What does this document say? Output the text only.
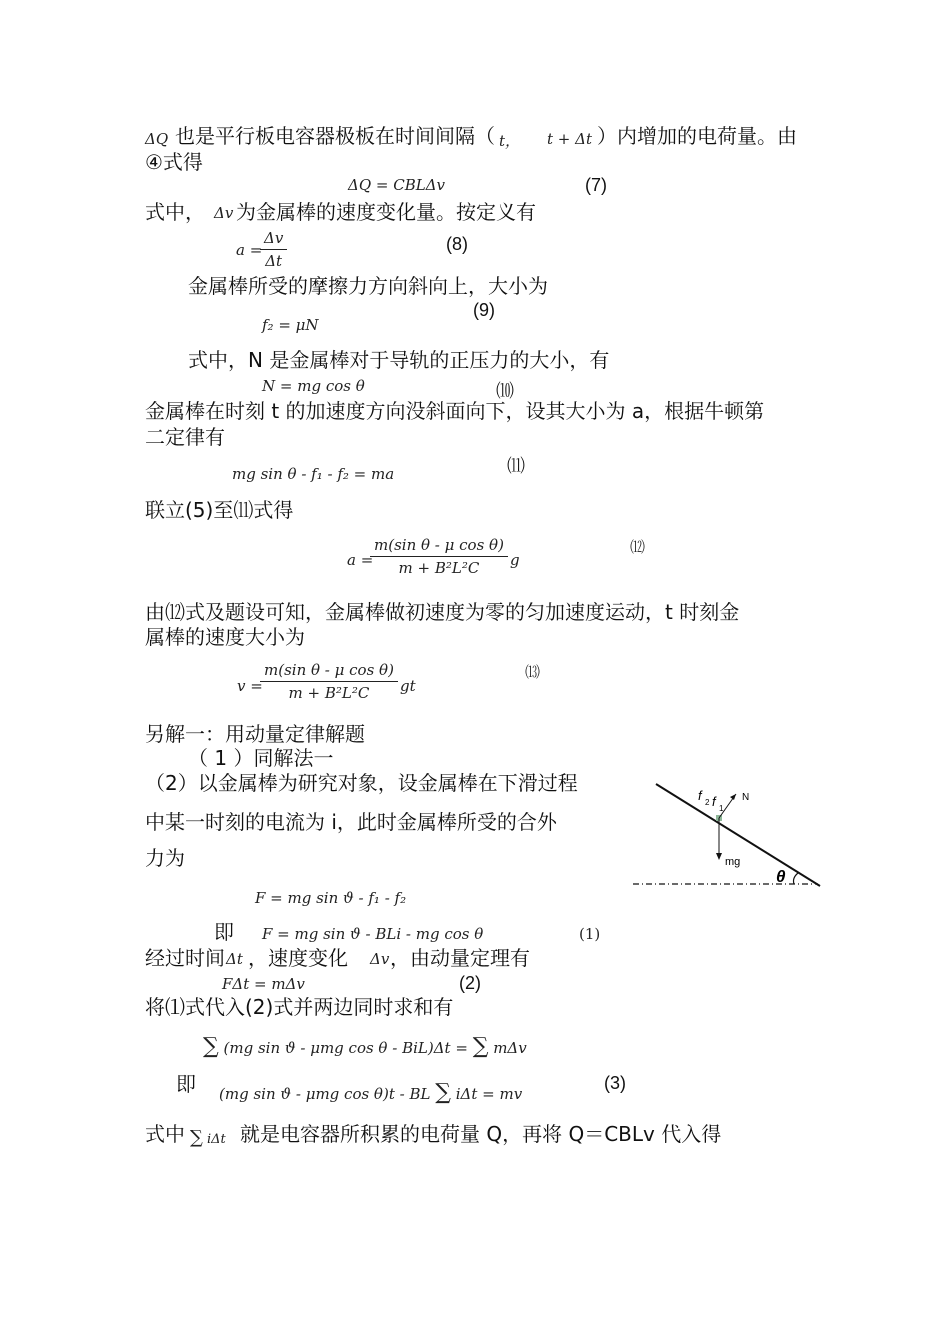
ΔQ 也是平行板电容器极板在时间间隔（ t， t + Δt ）内增加的电荷量。由
④式得
ΔQ = CBLΔv	(7)
式中， Δv 为金属棒的速度变化量。按定义有
a =
Δv
Δt
(8)
金属棒所受的摩擦力方向斜向上，大小为
f₂ = μN
(9)
式中，N 是金属棒对于导轨的正压力的大小，有
N = mg cos θ	⑽
金属棒在时刻 t 的加速度方向没斜面向下，设其大小为 a，根据牛顿第
二定律有
mg sin θ - f₁ - f₂ = ma	⑾
联立(5)至⑾式得
a =
m(sin θ - μ cos θ)
m + B²L²C g
⑿
由⑿式及题设可知，金属棒做初速度为零的匀加速度运动，t 时刻金
属棒的速度大小为
v =
m(sin θ - μ cos θ)
m + B²L²C gt
⒀
另解一：用动量定律解题
（ 1 ）同解法一
（2）以金属棒为研究对象，设金属棒在下滑过程
中某一时刻的电流为 i，此时金属棒所受的合外
力为
f 2 f 1
N
mg
θ
F = mg sin ϑ - f₁ - f₂
即 F = mg sin ϑ - BLi - mg cos θ	(1)
经过时间 Δt ，速度变化 Δv ，由动量定理有
FΔt = mΔv	(2)
将⑴式代入(2)式并两边同时求和有
∑ (mg sin ϑ - μmg cos θ - BiL)Δt = ∑ mΔv
即 (mg sin ϑ - μmg cos θ)t - BL ∑ iΔt = mv
(3)
式中 ∑ iΔt 就是电容器所积累的电荷量 Q，再将 Q＝CBLv 代入得
